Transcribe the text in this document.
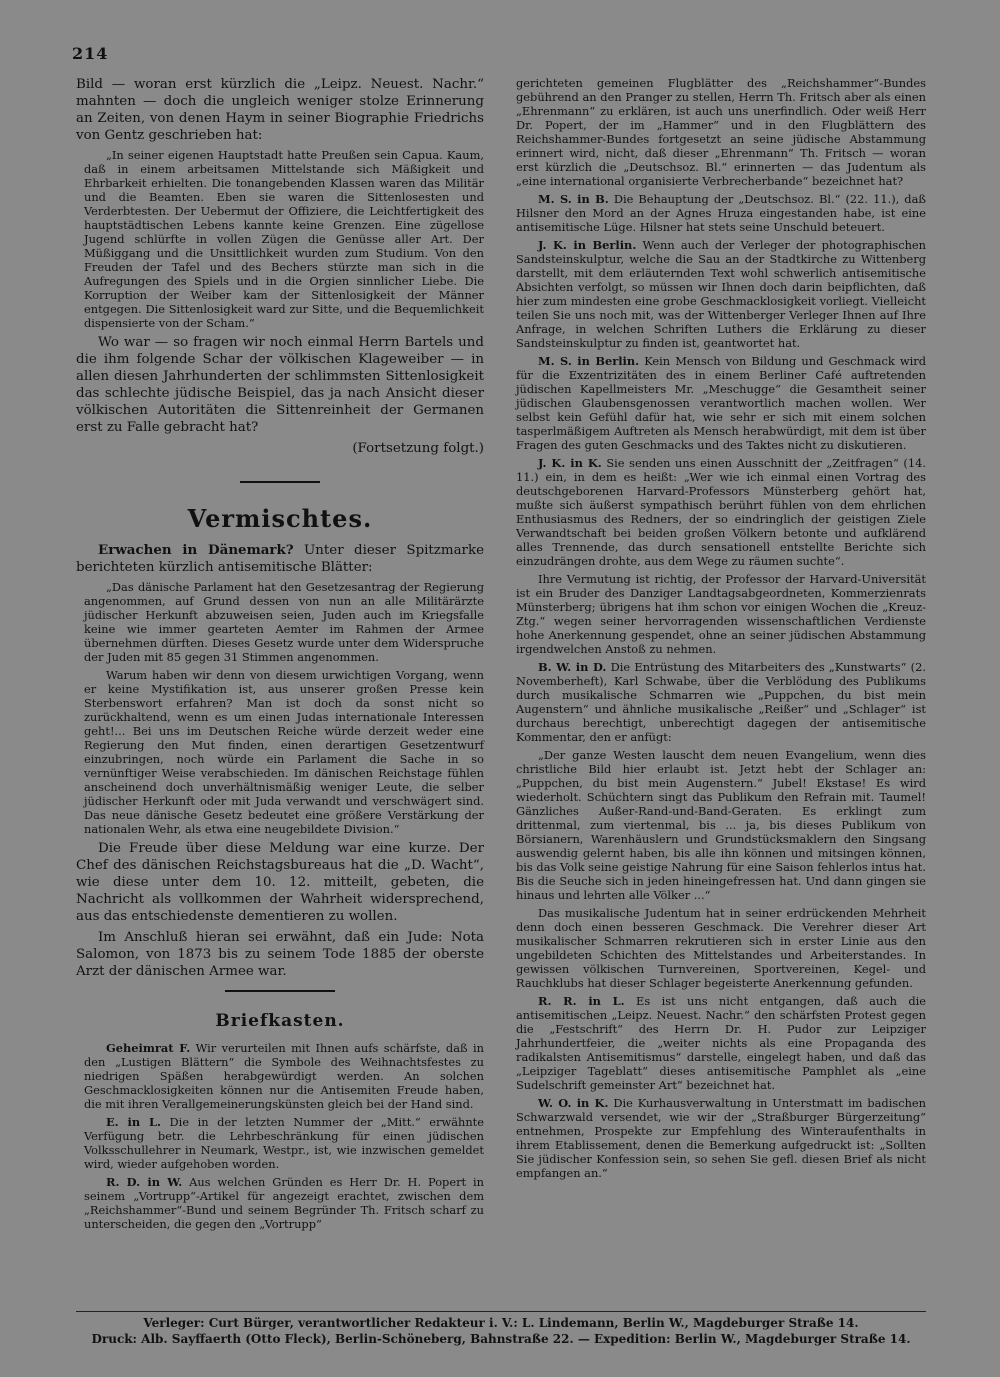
214

Bild — woran erst kürzlich die „Leipz. Neuest. Nachr.“ mahnten — doch die ungleich weniger stolze Erinnerung an Zeiten, von denen Haym in seiner Biographie Friedrichs von Gentz geschrieben hat:

„In seiner eigenen Hauptstadt hatte Preußen sein Capua. Kaum, daß in einem arbeitsamen Mittelstande sich Mäßigkeit und Ehrbarkeit erhielten. Die tonangebenden Klassen waren das Militär und die Beamten. Eben sie waren die Sittenlosesten und Verderbtesten. Der Uebermut der Offiziere, die Leichtfertigkeit des hauptstädtischen Lebens kannte keine Grenzen. Eine zügellose Jugend schlürfte in vollen Zügen die Genüsse aller Art. Der Müßiggang und die Unsittlichkeit wurden zum Studium. Von den Freuden der Tafel und des Bechers stürzte man sich in die Aufregungen des Spiels und in die Orgien sinnlicher Liebe. Die Korruption der Weiber kam der Sittenlosigkeit der Männer entgegen. Die Sittenlosigkeit ward zur Sitte, und die Bequemlichkeit dispensierte von der Scham.“

Wo war — so fragen wir noch einmal Herrn Bartels und die ihm folgende Schar der völkischen Klageweiber — in allen diesen Jahrhunderten der schlimmsten Sittenlosigkeit das schlechte jüdische Beispiel, das ja nach Ansicht dieser völkischen Autoritäten die Sittenreinheit der Germanen erst zu Falle gebracht hat?

(Fortsetzung folgt.)

Vermischtes.

Erwachen in Dänemark? Unter dieser Spitzmarke berichteten kürzlich antisemitische Blätter:

„Das dänische Parlament hat den Gesetzesantrag der Regierung angenommen, auf Grund dessen von nun an alle Militärärzte jüdischer Herkunft abzuweisen seien, Juden auch im Kriegsfalle keine wie immer gearteten Aemter im Rahmen der Armee übernehmen dürften. Dieses Gesetz wurde unter dem Widerspruche der Juden mit 85 gegen 31 Stimmen angenommen.

Warum haben wir denn von diesem urwichtigen Vorgang, wenn er keine Mystifikation ist, aus unserer großen Presse kein Sterbenswort erfahren? Man ist doch da sonst nicht so zurückhaltend, wenn es um einen Judas internationale Interessen geht!... Bei uns im Deutschen Reiche würde derzeit weder eine Regierung den Mut finden, einen derartigen Gesetzentwurf einzubringen, noch würde ein Parlament die Sache in so vernünftiger Weise verabschieden. Im dänischen Reichstage fühlen anscheinend doch unverhältnismäßig weniger Leute, die selber jüdischer Herkunft oder mit Juda verwandt und verschwägert sind. Das neue dänische Gesetz bedeutet eine größere Verstärkung der nationalen Wehr, als etwa eine neugebildete Division.“

Die Freude über diese Meldung war eine kurze. Der Chef des dänischen Reichstagsbureaus hat die „D. Wacht“, wie diese unter dem 10. 12. mitteilt, gebeten, die Nachricht als vollkommen der Wahrheit widersprechend, aus das entschiedenste dementieren zu wollen.

Im Anschluß hieran sei erwähnt, daß ein Jude: Nota Salomon, von 1873 bis zu seinem Tode 1885 der oberste Arzt der dänischen Armee war.

Briefkasten.

Geheimrat F. Wir verurteilen mit Ihnen aufs schärfste, daß in den „Lustigen Blättern“ die Symbole des Weihnachtsfestes zu niedrigen Späßen herabgewürdigt werden. An solchen Geschmacklosigkeiten können nur die Antisemiten Freude haben, die mit ihren Verallgemeinerungskünsten gleich bei der Hand sind.

E. in L. Die in der letzten Nummer der „Mitt.“ erwähnte Verfügung betr. die Lehrbeschränkung für einen jüdischen Volksschullehrer in Neumark, Westpr., ist, wie inzwischen gemeldet wird, wieder aufgehoben worden.

R. D. in W. Aus welchen Gründen es Herr Dr. H. Popert in seinem „Vortrupp“-Artikel für angezeigt erachtet, zwischen dem „Reichshammer“-Bund und seinem Begründer Th. Fritsch scharf zu unterscheiden, die gegen den „Vortrupp“

gerichteten gemeinen Flugblätter des „Reichshammer“-Bundes gebührend an den Pranger zu stellen, Herrn Th. Fritsch aber als einen „Ehrenmann“ zu erklären, ist auch uns unerfindlich. Oder weiß Herr Dr. Popert, der im „Hammer“ und in den Flugblättern des Reichshammer-Bundes fortgesetzt an seine jüdische Abstammung erinnert wird, nicht, daß dieser „Ehrenmann“ Th. Fritsch — woran erst kürzlich die „Deutschsoz. Bl.“ erinnerten — das Judentum als „eine international organisierte Verbrecherbande“ bezeichnet hat?

M. S. in B. Die Behauptung der „Deutschsoz. Bl.“ (22. 11.), daß Hilsner den Mord an der Agnes Hruza eingestanden habe, ist eine antisemitische Lüge. Hilsner hat stets seine Unschuld beteuert.

J. K. in Berlin. Wenn auch der Verleger der photographischen Sandsteinskulptur, welche die Sau an der Stadtkirche zu Wittenberg darstellt, mit dem erläuternden Text wohl schwerlich antisemitische Absichten verfolgt, so müssen wir Ihnen doch darin beipflichten, daß hier zum mindesten eine grobe Geschmacklosigkeit vorliegt. Vielleicht teilen Sie uns noch mit, was der Wittenberger Verleger Ihnen auf Ihre Anfrage, in welchen Schriften Luthers die Erklärung zu dieser Sandsteinskulptur zu finden ist, geantwortet hat.

M. S. in Berlin. Kein Mensch von Bildung und Geschmack wird für die Exzentrizitäten des in einem Berliner Café auftretenden jüdischen Kapellmeisters Mr. „Meschugge“ die Gesamtheit seiner jüdischen Glaubensgenossen verantwortlich machen wollen. Wer selbst kein Gefühl dafür hat, wie sehr er sich mit einem solchen tasperlmäßigem Auftreten als Mensch herabwürdigt, mit dem ist über Fragen des guten Geschmacks und des Taktes nicht zu diskutieren.

J. K. in K. Sie senden uns einen Ausschnitt der „Zeitfragen“ (14. 11.) ein, in dem es heißt: „Wer wie ich einmal einen Vortrag des deutschgeborenen Harvard-Professors Münsterberg gehört hat, mußte sich äußerst sympathisch berührt fühlen von dem ehrlichen Enthusiasmus des Redners, der so eindringlich der geistigen Ziele Verwandtschaft bei beiden großen Völkern betonte und aufklärend alles Trennende, das durch sensationell entstellte Berichte sich einzudrängen drohte, aus dem Wege zu räumen suchte“.

Ihre Vermutung ist richtig, der Professor der Harvard-Universität ist ein Bruder des Danziger Landtagsabgeordneten, Kommerzienrats Münsterberg; übrigens hat ihm schon vor einigen Wochen die „Kreuz-Ztg.“ wegen seiner hervorragenden wissenschaftlichen Verdienste hohe Anerkennung gespendet, ohne an seiner jüdischen Abstammung irgendwelchen Anstoß zu nehmen.

B. W. in D. Die Entrüstung des Mitarbeiters des „Kunstwarts“ (2. Novemberheft), Karl Schwabe, über die Verblödung des Publikums durch musikalische Schmarren wie „Puppchen, du bist mein Augenstern“ und ähnliche musikalische „Reißer“ und „Schlager“ ist durchaus berechtigt, unberechtigt dagegen der antisemitische Kommentar, den er anfügt:

„Der ganze Westen lauscht dem neuen Evangelium, wenn dies christliche Bild hier erlaubt ist. Jetzt hebt der Schlager an: „Puppchen, du bist mein Augenstern.“ Jubel! Ekstase! Es wird wiederholt. Schüchtern singt das Publikum den Refrain mit. Taumel! Gänzliches Außer-Rand-und-Band-Geraten. Es erklingt zum drittenmal, zum viertenmal, bis ... ja, bis dieses Publikum von Börsianern, Warenhäuslern und Grundstücksmaklern den Singsang auswendig gelernt haben, bis alle ihn können und mitsingen können, bis das Volk seine geistige Nahrung für eine Saison fehlerlos intus hat. Bis die Seuche sich in jeden hineingefressen hat. Und dann gingen sie hinaus und lehrten alle Völker ...“

Das musikalische Judentum hat in seiner erdrückenden Mehrheit denn doch einen besseren Geschmack. Die Verehrer dieser Art musikalischer Schmarren rekrutieren sich in erster Linie aus den ungebildeten Schichten des Mittelstandes und Arbeiterstandes. In gewissen völkischen Turnvereinen, Sportvereinen, Kegel- und Rauchklubs hat dieser Schlager begeisterte Anerkennung gefunden.

R. R. in L. Es ist uns nicht entgangen, daß auch die antisemitischen „Leipz. Neuest. Nachr.“ den schärfsten Protest gegen die „Festschrift“ des Herrn Dr. H. Pudor zur Leipziger Jahrhundertfeier, die „weiter nichts als eine Propaganda des radikalsten Antisemitismus“ darstelle, eingelegt haben, und daß das „Leipziger Tageblatt“ dieses antisemitische Pamphlet als „eine Sudelschrift gemeinster Art“ bezeichnet hat.

W. O. in K. Die Kurhausverwaltung in Unterstmatt im badischen Schwarzwald versendet, wie wir der „Straßburger Bürgerzeitung“ entnehmen, Prospekte zur Empfehlung des Winteraufenthalts in ihrem Etablissement, denen die Bemerkung aufgedruckt ist: „Sollten Sie jüdischer Konfession sein, so sehen Sie gefl. diesen Brief als nicht empfangen an.“

Verleger: Curt Bürger, verantwortlicher Redakteur i. V.: L. Lindemann, Berlin W., Magdeburger Straße 14.
Druck: Alb. Sayffaerth (Otto Fleck), Berlin-Schöneberg, Bahnstraße 22. — Expedition: Berlin W., Magdeburger Straße 14.
